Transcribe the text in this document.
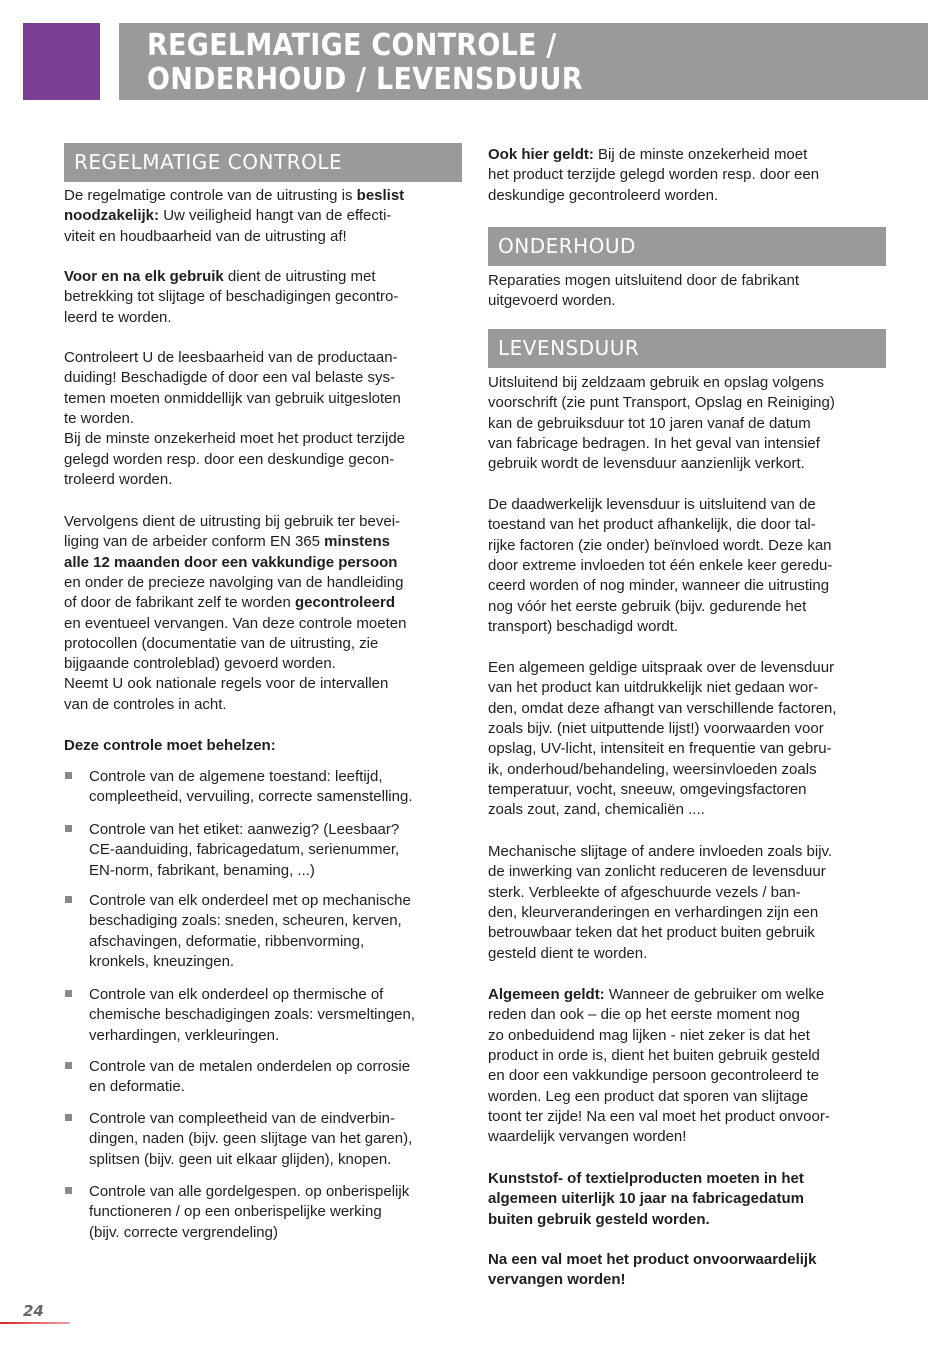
REGELMATIGE CONTROLE /
ONDERHOUD / LEVENSDUUR
REGELMATIGE CONTROLE
De regelmatige controle van de uitrusting is beslist
noodzakelijk: Uw veiligheid hangt van de effecti-
viteit en houdbaarheid van de uitrusting af!
Voor en na elk gebruik dient de uitrusting met
betrekking tot slijtage of beschadigingen gecontro-
leerd te worden.
Controleert U de leesbaarheid van de productaan-
duiding! Beschadigde of door een val belaste sys-
temen moeten onmiddellijk van gebruik uitgesloten
te worden.
Bij de minste onzekerheid moet het product terzijde
gelegd worden resp. door een deskundige gecon-
troleerd worden.
Vervolgens dient de uitrusting bij gebruik ter bevei-
liging van de arbeider conform EN 365 minstens
alle 12 maanden door een vakkundige persoon
en onder de precieze navolging van de handleiding
of door de fabrikant zelf te worden gecontroleerd
en eventueel vervangen. Van deze controle moeten
protocollen (documentatie van de uitrusting, zie
bijgaande controleblad) gevoerd worden.
Neemt U ook nationale regels voor de intervallen
van de controles in acht.
Deze controle moet behelzen:
Controle van de algemene toestand: leeftijd,
compleetheid, vervuiling, correcte samenstelling.
Controle van het etiket: aanwezig? (Leesbaar?
CE-aanduiding, fabricagedatum, serienummer,
EN-norm, fabrikant, benaming, ...)
Controle van elk onderdeel met op mechanische
beschadiging zoals: sneden, scheuren, kerven,
afschavingen, deformatie, ribbenvorming,
kronkels, kneuzingen.
Controle van elk onderdeel op thermische of
chemische beschadigingen zoals: versmeltingen,
verhardingen, verkleuringen.
Controle van de metalen onderdelen op corrosie
en deformatie.
Controle van compleetheid van de eindverbin-
dingen, naden (bijv. geen slijtage van het garen),
splitsen (bijv. geen uit elkaar glijden), knopen.
Controle van alle gordelgespen. op onberispelijk
functioneren / op een onberispelijke werking
(bijv. correcte vergrendeling)
Ook hier geldt: Bij de minste onzekerheid moet
het product terzijde gelegd worden resp. door een
deskundige gecontroleerd worden.
ONDERHOUD
Reparaties mogen uitsluitend door de fabrikant
uitgevoerd worden.
LEVENSDUUR
Uitsluitend bij zeldzaam gebruik en opslag volgens
voorschrift (zie punt Transport, Opslag en Reiniging)
kan de gebruiksduur tot 10 jaren vanaf de datum
van fabricage bedragen. In het geval van intensief
gebruik wordt de levensduur aanzienlijk verkort.
De daadwerkelijk levensduur is uitsluitend van de
toestand van het product afhankelijk, die door tal-
rijke factoren (zie onder) beïnvloed wordt. Deze kan
door extreme invloeden tot één enkele keer geredu-
ceerd worden of nog minder, wanneer die uitrusting
nog vóór het eerste gebruik (bijv. gedurende het
transport) beschadigd wordt.
Een algemeen geldige uitspraak over de levensduur
van het product kan uitdrukkelijk niet gedaan wor-
den, omdat deze afhangt van verschillende factoren,
zoals bijv. (niet uitputtende lijst!) voorwaarden voor
opslag, UV-licht, intensiteit en frequentie van gebru-
ik, onderhoud/behandeling, weersinvloeden zoals
temperatuur, vocht, sneeuw, omgevingsfactoren
zoals zout, zand, chemicaliën ....
Mechanische slijtage of andere invloeden zoals bijv.
de inwerking van zonlicht reduceren de levensduur
sterk. Verbleekte of afgeschuurde vezels / ban-
den, kleurveranderingen en verhardingen zijn een
betrouwbaar teken dat het product buiten gebruik
gesteld dient te worden.
Algemeen geldt: Wanneer de gebruiker om welke
reden dan ook – die op het eerste moment nog
zo onbeduidend mag lijken - niet zeker is dat het
product in orde is, dient het buiten gebruik gesteld
en door een vakkundige persoon gecontroleerd te
worden. Leg een product dat sporen van slijtage
toont ter zijde! Na een val moet het product onvoor-
waardelijk vervangen worden!
Kunststof- of textielproducten moeten in het
algemeen uiterlijk 10 jaar na fabricagedatum
buiten gebruik gesteld worden.
Na een val moet het product onvoorwaardelijk
vervangen worden!
24
